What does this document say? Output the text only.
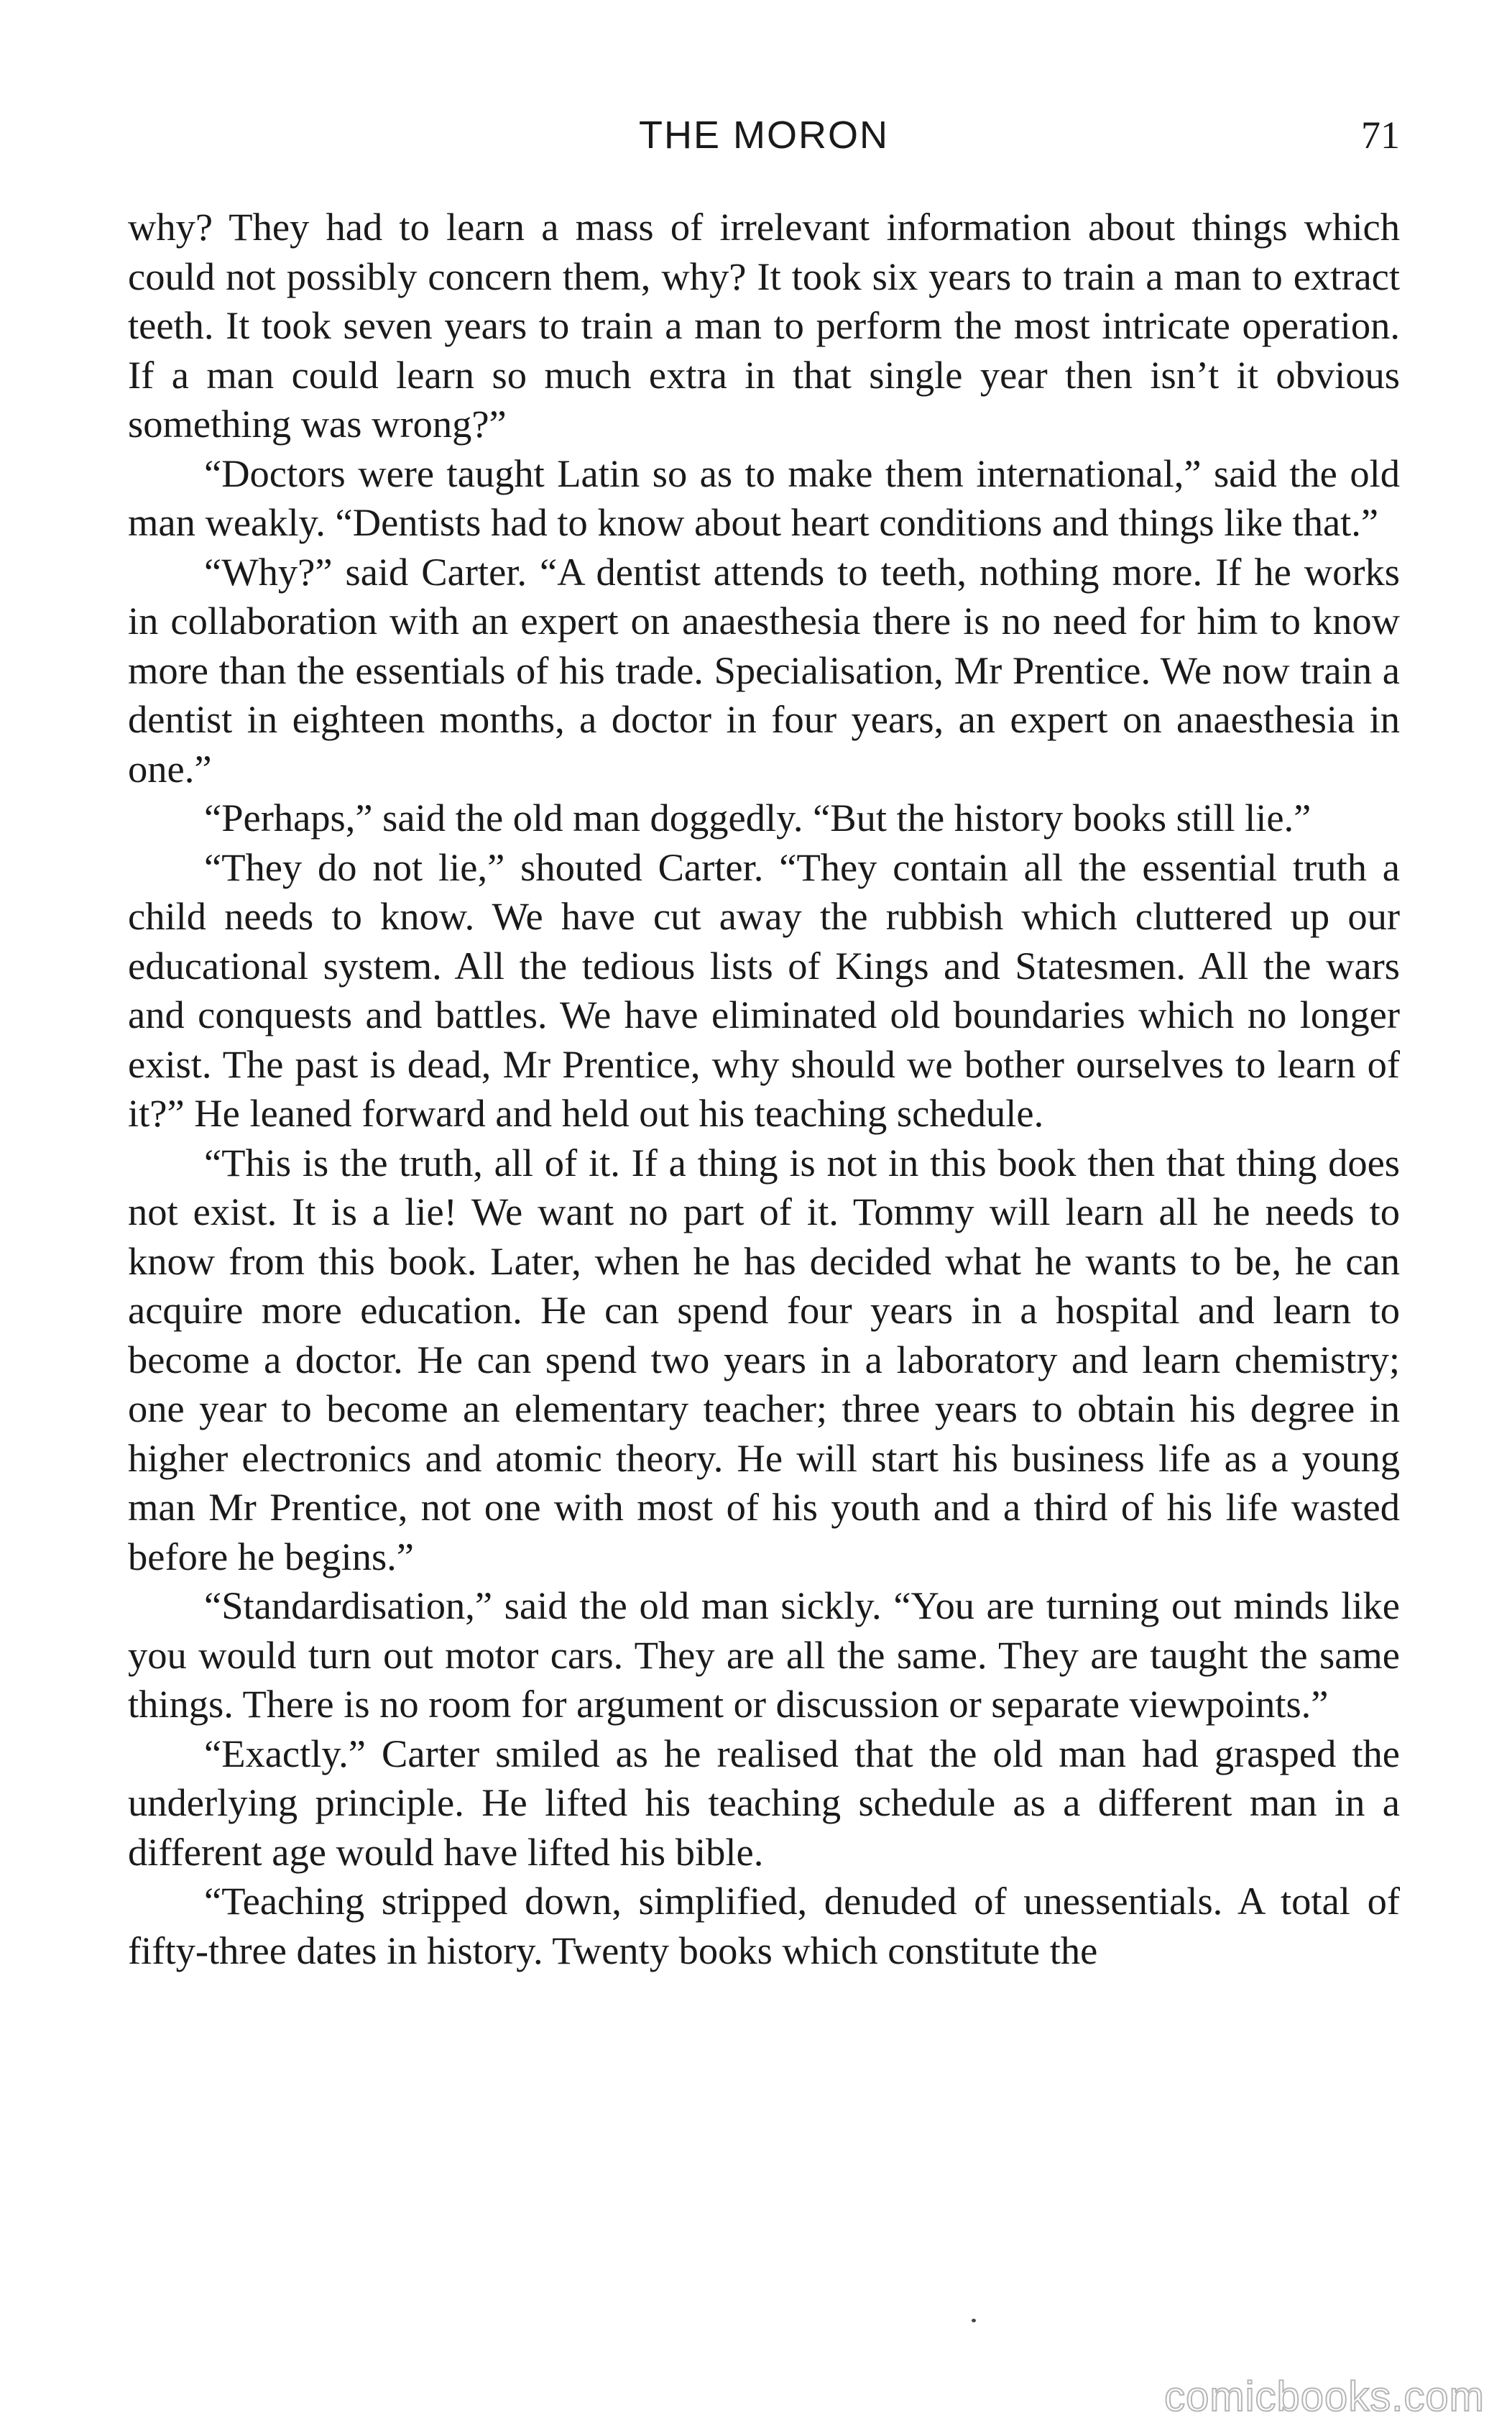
THE MORON	71

why? They had to learn a mass of irrelevant information about things which could not possibly concern them, why? It took six years to train a man to extract teeth. It took seven years to train a man to perform the most intricate operation. If a man could learn so much extra in that single year then isn’t it obvious something was wrong?”

“Doctors were taught Latin so as to make them international,” said the old man weakly. “Dentists had to know about heart conditions and things like that.”

“Why?” said Carter. “A dentist attends to teeth, nothing more. If he works in collaboration with an expert on anaesthesia there is no need for him to know more than the essentials of his trade. Specialisation, Mr Prentice. We now train a dentist in eighteen months, a doctor in four years, an expert on anaesthesia in one.”

“Perhaps,” said the old man doggedly. “But the history books still lie.”

“They do not lie,” shouted Carter. “They contain all the essential truth a child needs to know. We have cut away the rubbish which cluttered up our educational system. All the tedious lists of Kings and Statesmen. All the wars and conquests and battles. We have eliminated old boundaries which no longer exist. The past is dead, Mr Prentice, why should we bother ourselves to learn of it?” He leaned forward and held out his teaching schedule.

“This is the truth, all of it. If a thing is not in this book then that thing does not exist. It is a lie! We want no part of it. Tommy will learn all he needs to know from this book. Later, when he has decided what he wants to be, he can acquire more education. He can spend four years in a hospital and learn to become a doctor. He can spend two years in a laboratory and learn chemistry; one year to become an elementary teacher; three years to obtain his degree in higher electronics and atomic theory. He will start his business life as a young man Mr Prentice, not one with most of his youth and a third of his life wasted before he begins.”

“Standardisation,” said the old man sickly. “You are turning out minds like you would turn out motor cars. They are all the same. They are taught the same things. There is no room for argument or discussion or separate viewpoints.”

“Exactly.” Carter smiled as he realised that the old man had grasped the underlying principle. He lifted his teaching schedule as a different man in a different age would have lifted his bible.

“Teaching stripped down, simplified, denuded of unessentials. A total of fifty-three dates in history. Twenty books which constitute the

comicbooks.com
